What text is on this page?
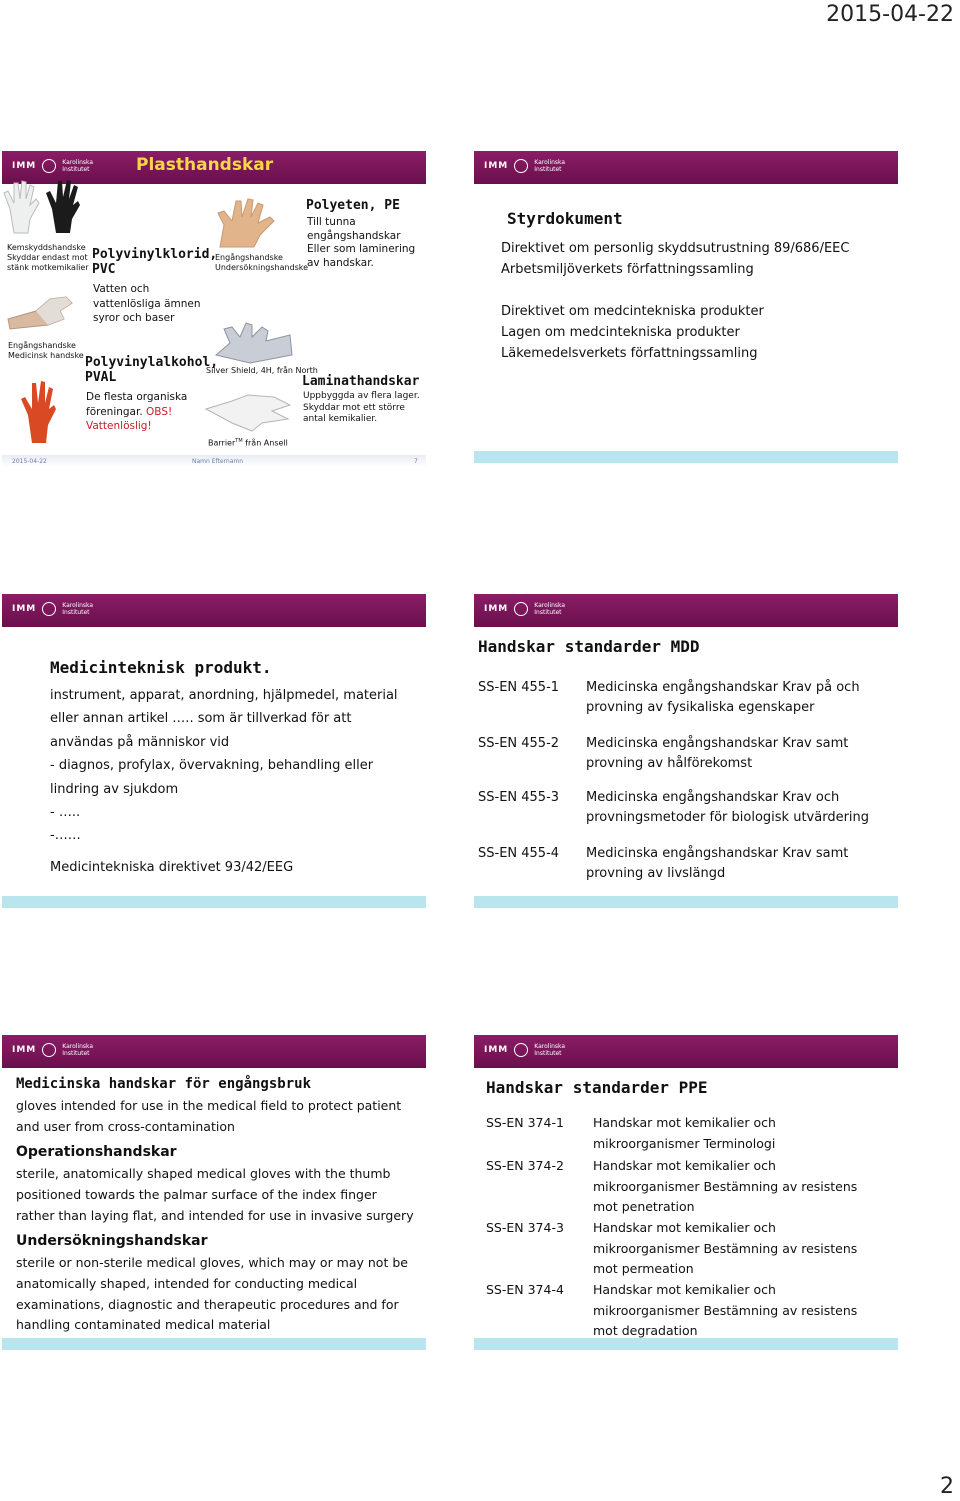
2015-04-22
IMM	Karolinska
Institutet	Plasthandskar
Kemskyddshandske
Skyddar endast mot
stänk motkemikalier
Engångshandske
Medicinsk handske
Polyvinylklorid,
PVC
Vatten och
vattenlösliga ämnen
syror och baser
Polyvinylalkohol,
PVAL
De flesta organiska
föreningar. OBS!
Vattenlöslig!
Engångshandske
Undersökningshandske
Polyeten, PE
Till tunna
engångshandskar
Eller som laminering
av handskar.
Silver Shield, 4H, från North
Laminathandskar
Uppbyggda av flera lager.
Skyddar mot ett större
antal kemikalier.
Barrier™ från Ansell
2015-04-22	Namn Efternamn	7
IMM	Karolinska
Institutet
Styrdokument
Direktivet om personlig skyddsutrustning 89/686/EEC
Arbetsmiljöverkets författningssamling
Direktivet om medcintekniska produkter
Lagen om medcintekniska produkter
Läkemedelsverkets författningssamling
IMM	Karolinska
Institutet
Medicinteknisk produkt.
instrument, apparat, anordning, hjälpmedel, material
eller annan artikel ….. som är tillverkad för att
användas på människor vid
- diagnos, profylax, övervakning, behandling eller
lindring av sjukdom
- …..
-……
Medicintekniska direktivet 93/42/EEG
IMM	Karolinska
Institutet
Handskar standarder MDD
SS-EN 455-1 Medicinska engångshandskar Krav på och
provning av fysikaliska egenskaper
SS-EN 455-2 Medicinska engångshandskar Krav samt
provning av hålförekomst
SS-EN 455-3 Medicinska engångshandskar Krav och
provningsmetoder för biologisk utvärdering
SS-EN 455-4 Medicinska engångshandskar Krav samt
provning av livslängd
IMM	Karolinska
Institutet
Medicinska handskar för engångsbruk
gloves intended for use in the medical field to protect patient
and user from cross-contamination
Operationshandskar
sterile, anatomically shaped medical gloves with the thumb
positioned towards the palmar surface of the index finger
rather than laying flat, and intended for use in invasive surgery
Undersökningshandskar
sterile or non-sterile medical gloves, which may or may not be
anatomically shaped, intended for conducting medical
examinations, diagnostic and therapeutic procedures and for
handling contaminated medical material
IMM	Karolinska
Institutet
Handskar standarder PPE
SS-EN 374-1 Handskar mot kemikalier och
mikroorganismer Terminologi
SS-EN 374-2 Handskar mot kemikalier och
mikroorganismer Bestämning av resistens
mot penetration
SS-EN 374-3 Handskar mot kemikalier och
mikroorganismer Bestämning av resistens
mot permeation
SS-EN 374-4 Handskar mot kemikalier och
mikroorganismer Bestämning av resistens
mot degradation
2
